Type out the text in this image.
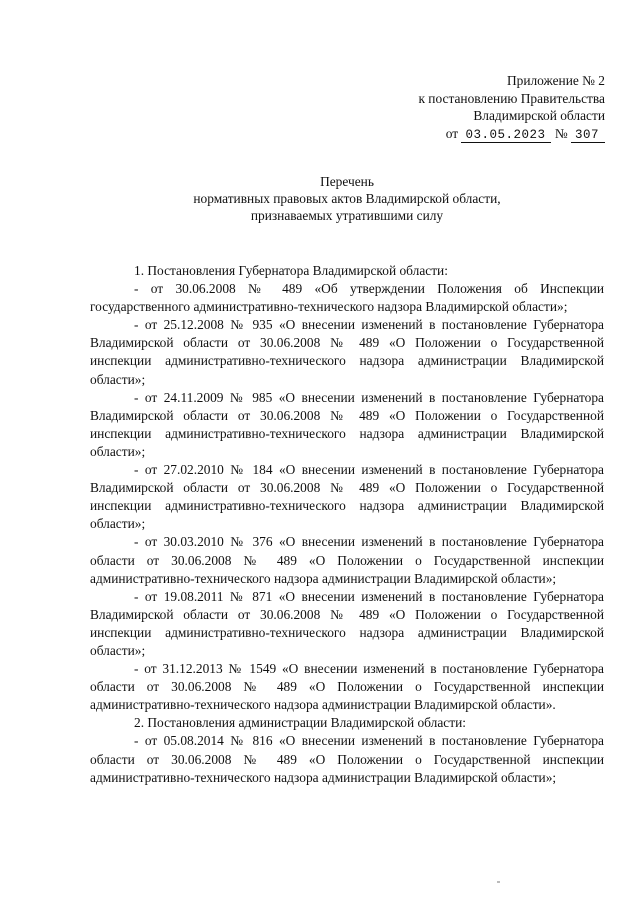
Приложение № 2
к постановлению Правительства
Владимирской области
от 03.05.2023 № 307
Перечень
нормативных правовых актов Владимирской области,
признаваемых утратившими силу

1. Постановления Губернатора Владимирской области:

- от 30.06.2008 № 489 «Об утверждении Положения об Инспекции государственного административно-технического надзора Владимирской области»;

- от 25.12.2008 № 935 «О внесении изменений в постановление Губернатора Владимирской области от 30.06.2008 № 489 «О Положении о Государственной инспекции административно-технического надзора администрации Владимирской области»;

- от 24.11.2009 № 985 «О внесении изменений в постановление Губернатора Владимирской области от 30.06.2008 № 489 «О Положении о Государственной инспекции административно-технического надзора администрации Владимирской области»;

- от 27.02.2010 № 184 «О внесении изменений в постановление Губернатора Владимирской области от 30.06.2008 № 489 «О Положении о Государственной инспекции административно-технического надзора администрации Владимирской области»;

- от 30.03.2010 № 376 «О внесении изменений в постановление Губернатора области от 30.06.2008 № 489 «О Положении о Государственной инспекции административно-технического надзора администрации Владимирской области»;

- от 19.08.2011 № 871 «О внесении изменений в постановление Губернатора Владимирской области от 30.06.2008 № 489 «О Положении о Государственной инспекции административно-технического надзора администрации Владимирской области»;

- от 31.12.2013 № 1549 «О внесении изменений в постановление Губернатора области от 30.06.2008 № 489 «О Положении о Государственной инспекции административно-технического надзора администрации Владимирской области».

2. Постановления администрации Владимирской области:

- от 05.08.2014 № 816 «О внесении изменений в постановление Губернатора области от 30.06.2008 № 489 «О Положении о Государственной инспекции административно-технического надзора администрации Владимирской области»;
